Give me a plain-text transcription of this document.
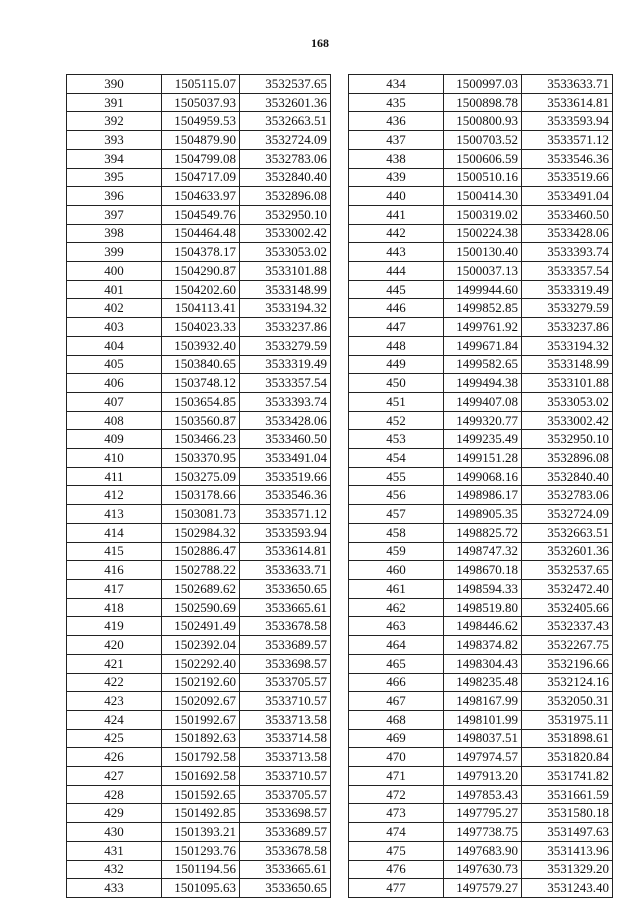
168
390	1505115.07	3532537.65
391	1505037.93	3532601.36
392	1504959.53	3532663.51
393	1504879.90	3532724.09
394	1504799.08	3532783.06
395	1504717.09	3532840.40
396	1504633.97	3532896.08
397	1504549.76	3532950.10
398	1504464.48	3533002.42
399	1504378.17	3533053.02
400	1504290.87	3533101.88
401	1504202.60	3533148.99
402	1504113.41	3533194.32
403	1504023.33	3533237.86
404	1503932.40	3533279.59
405	1503840.65	3533319.49
406	1503748.12	3533357.54
407	1503654.85	3533393.74
408	1503560.87	3533428.06
409	1503466.23	3533460.50
410	1503370.95	3533491.04
411	1503275.09	3533519.66
412	1503178.66	3533546.36
413	1503081.73	3533571.12
414	1502984.32	3533593.94
415	1502886.47	3533614.81
416	1502788.22	3533633.71
417	1502689.62	3533650.65
418	1502590.69	3533665.61
419	1502491.49	3533678.58
420	1502392.04	3533689.57
421	1502292.40	3533698.57
422	1502192.60	3533705.57
423	1502092.67	3533710.57
424	1501992.67	3533713.58
425	1501892.63	3533714.58
426	1501792.58	3533713.58
427	1501692.58	3533710.57
428	1501592.65	3533705.57
429	1501492.85	3533698.57
430	1501393.21	3533689.57
431	1501293.76	3533678.58
432	1501194.56	3533665.61
433	1501095.63	3533650.65
434	1500997.03	3533633.71
435	1500898.78	3533614.81
436	1500800.93	3533593.94
437	1500703.52	3533571.12
438	1500606.59	3533546.36
439	1500510.16	3533519.66
440	1500414.30	3533491.04
441	1500319.02	3533460.50
442	1500224.38	3533428.06
443	1500130.40	3533393.74
444	1500037.13	3533357.54
445	1499944.60	3533319.49
446	1499852.85	3533279.59
447	1499761.92	3533237.86
448	1499671.84	3533194.32
449	1499582.65	3533148.99
450	1499494.38	3533101.88
451	1499407.08	3533053.02
452	1499320.77	3533002.42
453	1499235.49	3532950.10
454	1499151.28	3532896.08
455	1499068.16	3532840.40
456	1498986.17	3532783.06
457	1498905.35	3532724.09
458	1498825.72	3532663.51
459	1498747.32	3532601.36
460	1498670.18	3532537.65
461	1498594.33	3532472.40
462	1498519.80	3532405.66
463	1498446.62	3532337.43
464	1498374.82	3532267.75
465	1498304.43	3532196.66
466	1498235.48	3532124.16
467	1498167.99	3532050.31
468	1498101.99	3531975.11
469	1498037.51	3531898.61
470	1497974.57	3531820.84
471	1497913.20	3531741.82
472	1497853.43	3531661.59
473	1497795.27	3531580.18
474	1497738.75	3531497.63
475	1497683.90	3531413.96
476	1497630.73	3531329.20
477	1497579.27	3531243.40
